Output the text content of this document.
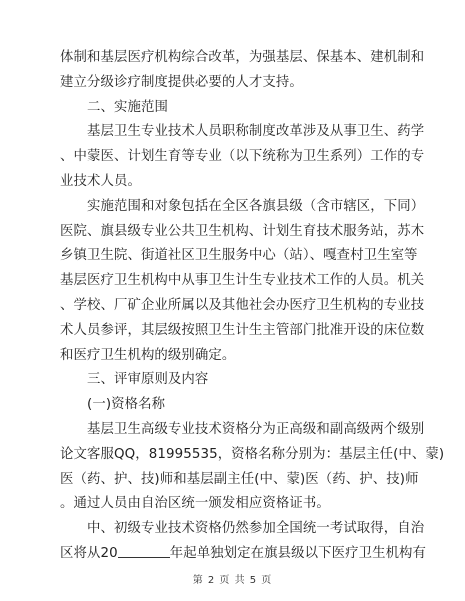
体制和基层医疗机构综合改革，为强基层、保基本、建机制和
建立分级诊疗制度提供必要的人才支持。
二、实施范围
基层卫生专业技术人员职称制度改革涉及从事卫生、药学
、中蒙医、计划生育等专业（以下统称为卫生系列）工作的专
业技术人员。
实施范围和对象包括在全区各旗县级（含市辖区，下同）
医院、旗县级专业公共卫生机构、计划生育技术服务站，苏木
乡镇卫生院、街道社区卫生服务中心（站）、嘎查村卫生室等
基层医疗卫生机构中从事卫生计生专业技术工作的人员。机关
、学校、厂矿企业所属以及其他社会办医疗卫生机构的专业技
术人员参评，其层级按照卫生计生主管部门批准开设的床位数
和医疗卫生机构的级别确定。
三、评审原则及内容
(一)资格名称
基层卫生高级专业技术资格分为正高级和副高级两个级别
论文客服QQ，81995535，资格名称分别为：基层主任(中、蒙)
医（药、护、技)师和基层副主任(中、蒙)医（药、护、技)师
。通过人员由自治区统一颁发相应资格证书。
中、初级专业技术资格仍然参加全国统一考试取得，自治
区将从20	年起单独划定在旗县级以下医疗卫生机构有
第 2 页 共 5 页
